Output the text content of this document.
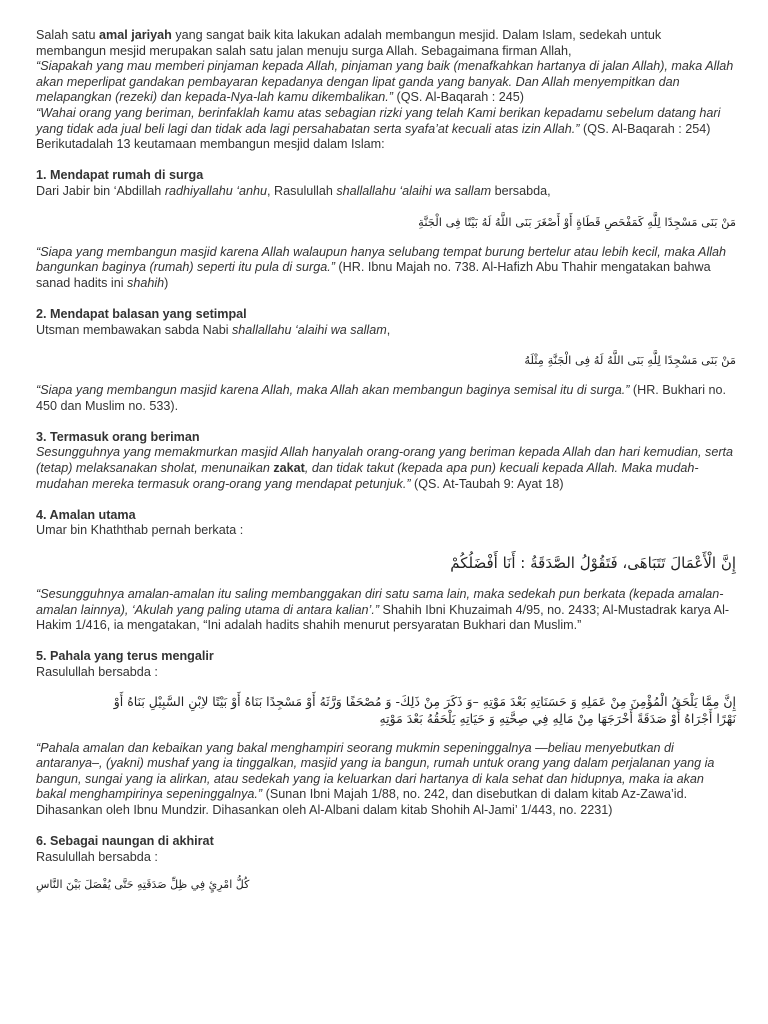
Salah satu amal jariyah yang sangat baik kita lakukan adalah membangun mesjid. Dalam Islam, sedekah untuk
membangun mesjid merupakan salah satu jalan menuju surga Allah. Sebagaimana firman Allah,
“Siapakah yang mau memberi pinjaman kepada Allah, pinjaman yang baik (menafkahkan hartanya di jalan Allah), maka Allah akan meperlipat gandakan pembayaran kepadanya dengan lipat ganda yang banyak. Dan Allah menyempitkan dan melapangkan (rezeki) dan kepada-Nya-lah kamu dikembalikan.” (QS. Al-Baqarah : 245)
“Wahai orang yang beriman, berinfaklah kamu atas sebagian rizki yang telah Kami berikan kepadamu sebelum datang hari yang tidak ada jual beli lagi dan tidak ada lagi persahabatan serta syafa’at kecuali atas izin Allah.” (QS. Al-Baqarah : 254)
Berikutadalah 13 keutamaan membangun mesjid dalam Islam:

1. Mendapat rumah di surga

Dari Jabir bin ‘Abdillah radhiyallahu ‘anhu, Rasulullah shallallahu ‘alaihi wa sallam bersabda,

مَنْ بَنَى مَسْجِدًا لِلَّهِ كَمَفْحَصِ قَطَاةٍ أَوْ أَصْغَرَ بَنَى اللَّهُ لَهُ بَيْتًا فِى الْجَنَّةِ

“Siapa yang membangun masjid karena Allah walaupun hanya selubang tempat burung bertelur atau lebih kecil, maka Allah bangunkan baginya (rumah) seperti itu pula di surga.” (HR. Ibnu Majah no. 738. Al-Hafizh Abu Thahir mengatakan bahwa sanad hadits ini shahih)

2. Mendapat balasan yang setimpal

Utsman membawakan sabda Nabi shallallahu ‘alaihi wa sallam,

مَنْ بَنَى مَسْجِدًا لِلَّهِ بَنَى اللَّهُ لَهُ فِى الْجَنَّةِ مِثْلَهُ

“Siapa yang membangun masjid karena Allah, maka Allah akan membangun baginya semisal itu di surga.” (HR. Bukhari no. 450 dan Muslim no. 533).

3. Termasuk orang beriman

Sesungguhnya yang memakmurkan masjid Allah hanyalah orang-orang yang beriman kepada Allah dan hari kemudian, serta (tetap) melaksanakan sholat, menunaikan zakat, dan tidak takut (kepada apa pun) kecuali kepada Allah. Maka mudah-mudahan mereka termasuk orang-orang yang mendapat petunjuk.” (QS. At-Taubah 9: Ayat 18)

4. Amalan utama

Umar bin Khaththab pernah berkata :

إِنَّ الْأَعْمَالَ تَتَبَاهَى، فَتَقُوْلُ الصَّدَقَةُ : أَنَا أَفْضَلُكُمْ

“Sesungguhnya amalan-amalan itu saling membanggakan diri satu sama lain, maka sedekah pun berkata (kepada amalan-amalan lainnya), ‘Akulah yang paling utama di antara kalian’.” Shahih Ibni Khuzaimah 4/95, no. 2433; Al-Mustadrak karya Al-Hakim 1/416, ia mengatakan, “Ini adalah hadits shahih menurut persyaratan Bukhari dan Muslim.”

5. Pahala yang terus mengalir

Rasulullah bersabda :

إِنَّ مِمَّا يَلْحَقُ الْمُؤْمِنَ مِنْ عَمَلِهِ وَ حَسَنَاتِهِ بَعْدَ مَوْتِهِ –وَ ذَكَرَ مِنْ ذَلِكَ- وَ مُصْحَفًا وَرَّثَهُ أَوْ مَسْجِدًا بَنَاهُ أَوْ بَيْتًا لاِبْنِ السَّبِيْلِ بَنَاهُ أَوْ

نَهْرًا أَجْرَاهُ أَوْ صَدَقَةً أَخْرَجَهَا مِنْ مَالِهِ فِي صِحَّتِهِ وَ حَيَاتِهِ يَلْحَقُهُ بَعْدَ مَوْتِهِ

“Pahala amalan dan kebaikan yang bakal menghampiri seorang mukmin sepeninggalnya —beliau menyebutkan di antaranya–, (yakni) mushaf yang ia tinggalkan, masjid yang ia bangun, rumah untuk orang yang dalam perjalanan yang ia bangun, sungai yang ia alirkan, atau sedekah yang ia keluarkan dari hartanya di kala sehat dan hidupnya, maka ia akan bakal menghampirinya sepeninggalnya.” (Sunan Ibni Majah 1/88, no. 242, dan disebutkan di dalam kitab Az-Zawa’id. Dihasankan oleh Ibnu Mundzir. Dihasankan oleh Al-Albani dalam kitab Shohih Al-Jami’ 1/443, no. 2231)

6. Sebagai naungan di akhirat

Rasulullah bersabda :

كُلُّ امْرِئٍ فِي ظِلِّ صَدَقَتِهِ حَتَّى يُفْصَلَ بَيْنَ النَّاسِ
